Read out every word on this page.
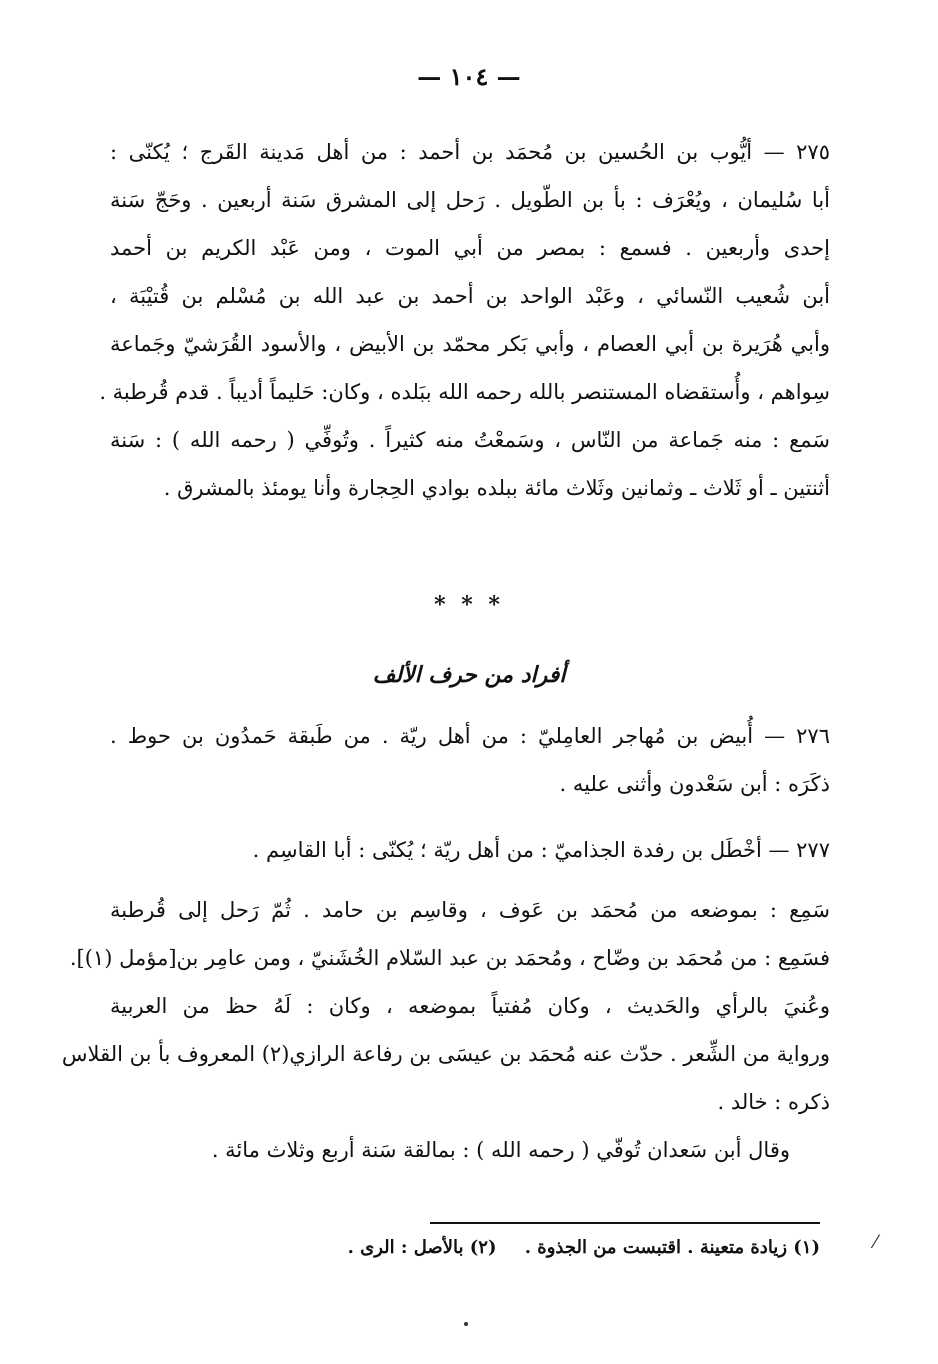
— ١٠٤ —
٢٧٥ — أيُّوب بن الحُسين بن مُحمَد بن أحمد : من أهل مَدينة القَرج ؛ يُكنّى :
أبا سُليمان ، ويُعْرَف : بأ بن الطّويل . رَحل إلى المشرق سَنة أربعين . وحَجّ سَنة
إحدى وأربعين . فسمع : بمصر من أبي الموت ، ومن عَبْد الكريم بن أحمد
أبن شُعيب النّسائي ، وعَبْد الواحد بن أحمد بن عبد الله بن مُسْلم بن قُتيْبَة ،
وأبي هُرَيرة بن أبي العصام ، وأبي بَكر محمّد بن الأبيض ، والأسود القُرَشيّ وجَماعة
سِواهم ، وأُستقضاه المستنصر بالله رحمه الله ببَلده ، وكان: حَليماً أديباً . قدم قُرطبة .
سَمع : منه جَماعة من النّاس ، وسَمعْتُ منه كثيراً . وتُوفِّي ( رحمه الله ) : سَنة
أثنتين ـ أو ثَلاث ـ وثمانين وثَلاث مائة ببلده بوادي الحِجارة وأنا يومئذ بالمشرق .
* * *
أفراد من حرف الألف
٢٧٦ — أُبيض بن مُهاجر العامِليّ : من أهل ريّة . من طَبقة حَمدُون بن حوط .
ذكَرَه : أبن سَعْدون وأثنى عليه .
٢٧٧ — أخْطَل بن رفدة الجذاميّ : من أهل ريّة ؛ يُكنّى : أبا القاسِم .
سَمِع : بموضعه من مُحمَد بن عَوف ، وقاسِم بن حامد . ثُمّ رَحل إلى قُرطبة
فسَمِع : من مُحمَد بن وضّاح ، ومُحمَد بن عبد السّلام الخُشَنيّ ، ومن عامِر بن[مؤمل (١)].
وعُنيَ بالرأي والحَديث ، وكان مُفتياً بموضعه ، وكان : لَهُ حظ من العربية
ورواية من الشِّعر . حدّث عنه مُحمَد بن عيسَى بن رفاعة الرازي(٢) المعروف بأ بن القلاس
ذكره : خالد .
وقال أبن سَعدان تُوفّي ( رحمه الله ) : بمالقة سَنة أربع وثلاث مائة .
(١) زيادة متعينة . اقتبست من الجذوة . (٢) بالأصل : الرى .	⁄
